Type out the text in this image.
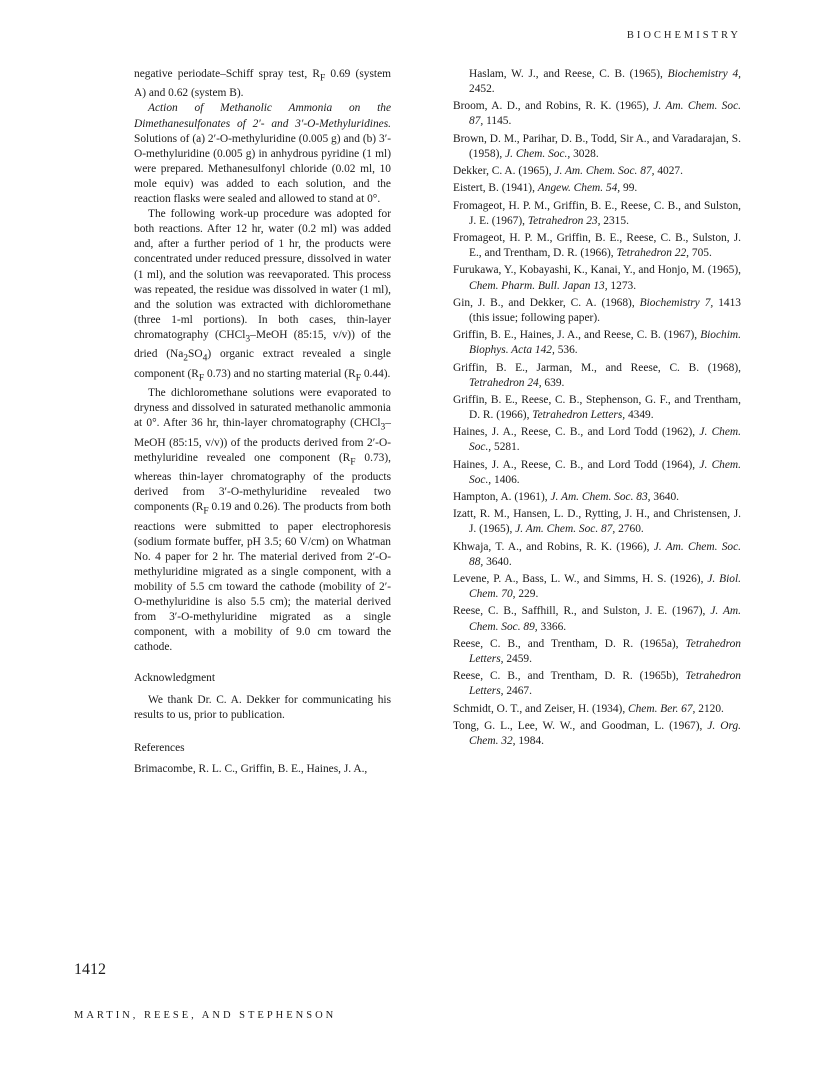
BIOCHEMISTRY

negative periodate–Schiff spray test, $R_F$ 0.69 (system A) and 0.62 (system B).

Action of Methanolic Ammonia on the Dimethanesulfonates of 2′- and 3′-O-Methyluridines. Solutions of (a) 2′-O-methyluridine (0.005 g) and (b) 3′-O-methyluridine (0.005 g) in anhydrous pyridine (1 ml) were prepared. Methanesulfonyl chloride (0.02 ml, 10 mole equiv) was added to each solution, and the reaction flasks were sealed and allowed to stand at 0°.

The following work-up procedure was adopted for both reactions. After 12 hr, water (0.2 ml) was added and, after a further period of 1 hr, the products were concentrated under reduced pressure, dissolved in water (1 ml), and the solution was reevaporated. This process was repeated, the residue was dissolved in water (1 ml), and the solution was extracted with dichloromethane (three 1-ml portions). In both cases, thin-layer chromatography (CHCl$_3$–MeOH (85:15, v/v)) of the dried $(Na_2SO_4)$ organic extract revealed a single component ($R_F$ 0.73) and no starting material ($R_F$ 0.44).

The dichloromethane solutions were evaporated to dryness and dissolved in saturated methanolic ammonia at 0°. After 36 hr, thin-layer chromatography (CHCl$_3$–MeOH (85:15, v/v)) of the products derived from 2′-O-methyluridine revealed one component ($R_F$ 0.73), whereas thin-layer chromatography of the products derived from 3′-O-methyluridine revealed two components ($R_F$ 0.19 and 0.26). The products from both reactions were submitted to paper electrophoresis (sodium formate buffer, pH 3.5; 60 V/cm) on Whatman No. 4 paper for 2 hr. The material derived from 2′-O-methyluridine migrated as a single component, with a mobility of 5.5 cm toward the cathode (mobility of 2′-O-methyluridine is also 5.5 cm); the material derived from 3′-O-methyluridine migrated as a single component, with a mobility of 9.0 cm toward the cathode.

Acknowledgment

We thank Dr. C. A. Dekker for communicating his results to us, prior to publication.

References

Brimacombe, R. L. C., Griffin, B. E., Haines, J. A.,

Haslam, W. J., and Reese, C. B. (1965), Biochemistry 4, 2452.

Broom, A. D., and Robins, R. K. (1965), J. Am. Chem. Soc. 87, 1145.

Brown, D. M., Parihar, D. B., Todd, Sir A., and Varadarajan, S. (1958), J. Chem. Soc., 3028.

Dekker, C. A. (1965), J. Am. Chem. Soc. 87, 4027.

Eistert, B. (1941), Angew. Chem. 54, 99.

Fromageot, H. P. M., Griffin, B. E., Reese, C. B., and Sulston, J. E. (1967), Tetrahedron 23, 2315.

Fromageot, H. P. M., Griffin, B. E., Reese, C. B., Sulston, J. E., and Trentham, D. R. (1966), Tetrahedron 22, 705.

Furukawa, Y., Kobayashi, K., Kanai, Y., and Honjo, M. (1965), Chem. Pharm. Bull. Japan 13, 1273.

Gin, J. B., and Dekker, C. A. (1968), Biochemistry 7, 1413 (this issue; following paper).

Griffin, B. E., Haines, J. A., and Reese, C. B. (1967), Biochim. Biophys. Acta 142, 536.

Griffin, B. E., Jarman, M., and Reese, C. B. (1968), Tetrahedron 24, 639.

Griffin, B. E., Reese, C. B., Stephenson, G. F., and Trentham, D. R. (1966), Tetrahedron Letters, 4349.

Haines, J. A., Reese, C. B., and Lord Todd (1962), J. Chem. Soc., 5281.

Haines, J. A., Reese, C. B., and Lord Todd (1964), J. Chem. Soc., 1406.

Hampton, A. (1961), J. Am. Chem. Soc. 83, 3640.

Izatt, R. M., Hansen, L. D., Rytting, J. H., and Christensen, J. J. (1965), J. Am. Chem. Soc. 87, 2760.

Khwaja, T. A., and Robins, R. K. (1966), J. Am. Chem. Soc. 88, 3640.

Levene, P. A., Bass, L. W., and Simms, H. S. (1926), J. Biol. Chem. 70, 229.

Reese, C. B., Saffhill, R., and Sulston, J. E. (1967), J. Am. Chem. Soc. 89, 3366.

Reese, C. B., and Trentham, D. R. (1965a), Tetrahedron Letters, 2459.

Reese, C. B., and Trentham, D. R. (1965b), Tetrahedron Letters, 2467.

Schmidt, O. T., and Zeiser, H. (1934), Chem. Ber. 67, 2120.

Tong, G. L., Lee, W. W., and Goodman, L. (1967), J. Org. Chem. 32, 1984.

1412
MARTIN, REESE, AND STEPHENSON
